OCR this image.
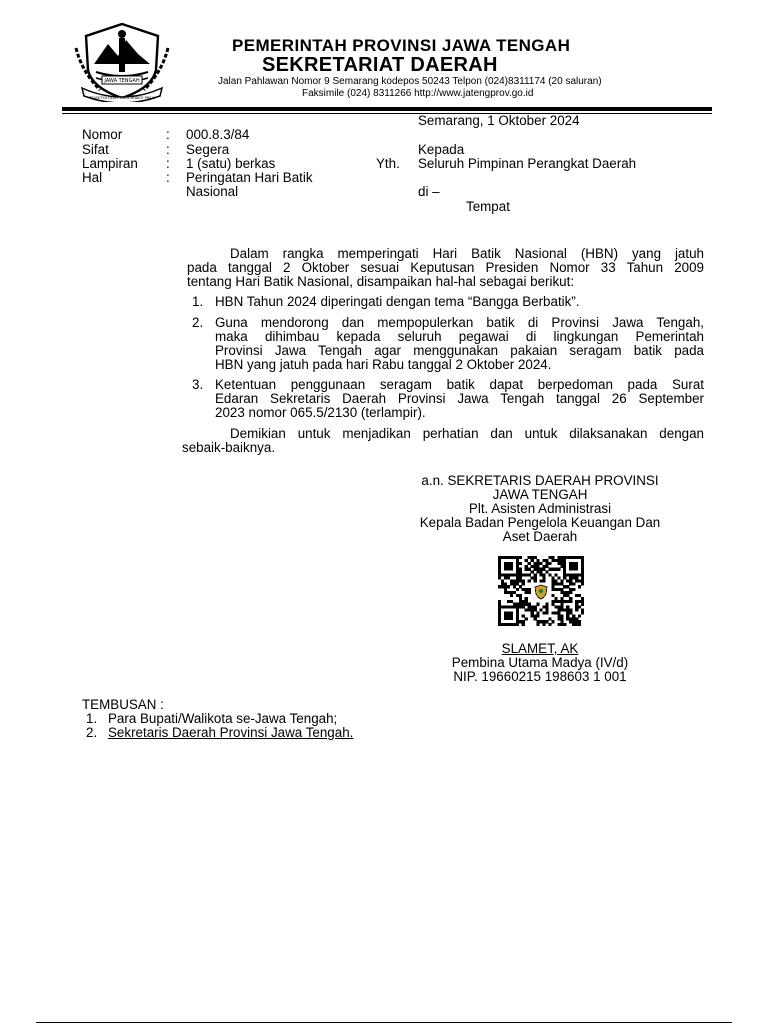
JAWA TENGAH
PRASETYA ULAH SAKTI BHAKTI PRAJA
PEMERINTAH PROVINSI JAWA TENGAH
SEKRETARIAT DAERAH
Jalan Pahlawan Nomor 9 Semarang kodepos 50243 Telpon (024)8311174 (20 saluran)
Faksimile (024) 8311266 http://www.jatengprov.go.id
Semarang, 1 Oktober 2024
Nomor	: 000.8.3/84
Sifat	: Segera
Lampiran : 1 (satu) berkas
Hal	: Peringatan Hari Batik
Nasional
Kepada
Yth. Seluruh Pimpinan Perangkat Daerah
di –
Tempat
Dalam rangka memperingati Hari Batik Nasional (HBN) yang jatuh
pada tanggal 2 Oktober sesuai Keputusan Presiden Nomor 33 Tahun 2009
tentang Hari Batik Nasional, disampaikan hal-hal sebagai berikut:
1. HBN Tahun 2024 diperingati dengan tema “Bangga Berbatik”.
2. Guna mendorong dan mempopulerkan batik di Provinsi Jawa Tengah,
maka dihimbau kepada seluruh pegawai di lingkungan Pemerintah
Provinsi Jawa Tengah agar menggunakan pakaian seragam batik pada
HBN yang jatuh pada hari Rabu tanggal 2 Oktober 2024.
3. Ketentuan penggunaan seragam batik dapat berpedoman pada Surat
Edaran Sekretaris Daerah Provinsi Jawa Tengah tanggal 26 September
2023 nomor 065.5/2130 (terlampir).
Demikian untuk menjadikan perhatian dan untuk dilaksanakan dengan
sebaik-baiknya.
a.n. SEKRETARIS DAERAH PROVINSI
JAWA TENGAH
Plt. Asisten Administrasi
Kepala Badan Pengelola Keuangan Dan
Aset Daerah
SLAMET, AK
Pembina Utama Madya (IV/d)
NIP. 19660215 198603 1 001
TEMBUSAN :
1. Para Bupati/Walikota se-Jawa Tengah;
2. Sekretaris Daerah Provinsi Jawa Tengah.
